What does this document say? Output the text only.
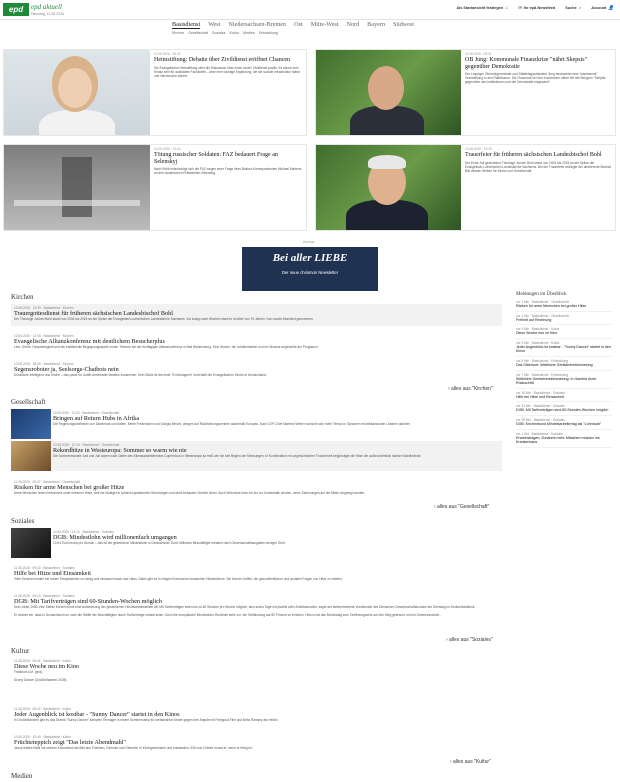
epd	epd aktuell
Dienstag, 11.08.2026
Als Startansicht festlegen ⌂ ✉ Ihr epd-Newsfeed	Suche ⌕	Account 👤
Basisdienst West Niedersachsen-Bremen Ost Mitte-West Nord Bayern Südwest
Kirchen Gesellschaft Soziales Kultur Medien Entwicklung
11.08.2026 · 05:42
Heimstiftung: Debatte über Zivildienst eröffnet Chancen
Die Evangelische Heimstiftung sieht die Diskussion über einen neuen Zivildienst positiv. Es könne kein Ersatz sein für ausbildete Fachkräfte – aber eine wichtige Ergänzung, die die soziale Infrastruktur stärkt und Nachwuchs sichert.
11.08.2026 · 09:31
OB Jung: Kommunale Finanzkrise "nährt Skepsis" gegenüber Demokratie
Der Leipziger Oberbürgermeister und Städtetagspräsident Jung beobachtet eine "wachsende" Verzweiflung in den Rathäusern. Die Finanznot bei den Kommunen nähre bei den Bürgern "Skepsis gegenüber den Institutionen und der Demokratie insgesamt".
10.08.2026 · 19:41
Tötung russischer Soldaten: FAZ bedauert Frage an Selenskyj
Nach Kritik entschuldigt sich die FAZ wegen einer Frage ihres Balkan-Korrespondenten Michael Martens an den ukrainischen Präsidenten Selenskyj.
10.08.2026 · 13:39
Trauerfeier für früheren sächsischen Landesbischof Bohl
Der Ende Juli gestorbene Theologe Jochen Bohl stand von 2004 bis 2015 an der Spitze der Evangelisch-Lutherischen Landeskirche Sachsens. Bei der Trauerfeier würdigte der amtierende Bischof Bilz dessen Wirken für Kirche und Gesellschaft.
Anzeige
Bei aller LIEBE
Der neue chrismon Newsletter
Kirchen
10.08.2026 · 13:39 · Basisdienst · Kirchen
Trauergottesdienst für früheren sächsischen Landesbischof Bohl
Der Theologe Jochen Bohl stand von 2004 bis 2015 an der Spitze der Evangelisch-Lutherischen Landeskirche Sachsens. Vor knapp zwei Wochen starb er im Alter von 76 Jahren. Nun wurde Abschied genommen.
10.08.2026 · 12:08 · Basisdienst · Kirchen
Evangelische Allianzkonferenz mit deutlichem Besucherplus
Lied, Gebet, Gesprächigkeit und die traditionelle Begegnungsstadt: immer Themen bei der fünftägigen Allianzkonferenz in Bad Blankenburg. Eine Woche, die Jubiläumsfeier und ein Musical angesichts der Programm.
10.08.2026 · 08:55 · Basisdienst · Kirchen
Segensroboter ja, Seelsorge-Chatbots nein
Künstliche Intelligenz und Kirche – das passt für Judith Armbruster bestens zusammen. Kein Stück ist die erste "KI-Managerin" innerhalb der Evangelischen Kirche in Deutschland.
› alles aus "Kirchen"
Gesellschaft
10.08.2026 · 11:30 · Basisdienst · Gesellschaft
Bringen auf Return Hubs in Afrika
Die Regierungschefinnen von Dänemark und Italien, Mette Frederiksen und Giorgia Meloni, dringen auf Rückführungszentren außerhalb Europas. Auch CVP-Chef Manfred Weber wünscht sich mehr Tempo in Sprachen mit afrikanischen Ländern darüber.
10.08.2026 · 10:16 · Basisdienst · Gesellschaft
Rekordhitze in Westeuropa: Sommer so warm wie nie
Die Sommermonate Juni und Juli waren nach Daten des Klimawandeldienstes Copernicus in Westeuropa so heiß wie nie seit Beginn der Messungen. In Kombination mit ungewöhnlicher Trockenheit begünstigte die Hitze die außerordentlich starken Waldbrände.
11.08.2026 · 09:47 · Basisdienst · Gesellschaft
Risiken für arme Menschen bei großer Hitze
Arme Menschen leiden besonders unter extremer Hitze, weil sie häufiger in schlecht gedämmten Wohnungen und dicht bebauten Vierteln leben. Auch Wohnlose kann für sie zur Kostenfalle werden, wenn Sanierungen auf die Miete umgelegt werden.
› alles aus "Gesellschaft"
Soziales
10.08.2026 · 13:14 · Basisdienst · Soziales
DGB: Mindestlohn wird millionenfach umgangen
13,94 Euro brutto pro Stunde – das ist der gesetzliche Mindestlohn in Deutschland. Doch Millionen Beschäftigte erhalten nach Gewerkschaftsangaben weniger Geld.
11.08.2026 · 09:22 · Basisdienst · Soziales
Hilfe bei Hitze und Einsamkeit
Viele Senioren leiden bei hohen Temperaturen zu wenig und verlassen kaum das Haus. Dabei gibt es in einigen Kommunen inzwischen Hitzetelefone. Sie können helfen, die gesundheitlichen und sozialen Folgen von Hitze zu mildern.
11.08.2026 · 09:19 · Basisdienst · Soziales
DGB: Mit Tarifverträgen sind 60-Stunden-Wochen möglich
Kein Jurist, DGB-Vize Stefan Körzell erinnt eine Aufweichung der gesetzlichen Höchstarbeitszeiten ab. Mit Tarifverträgen seien bis zu 60 Stunden pro Woche möglich, also sechs Tage mit jeweils zehn Arbeitsstunden, sagte der stellvertretende Vorsitzende des Deutschen Gewerkschaftsbundes am Dienstag im Deutschlandfunk.

Er räumte ein, dass in Deutschland nur noch die Hälfte der Beschäftigten durch Tarifverträge erfasst seien. Doch die europäische Mindestlohn-Richtlinie sehe vor, die Tarifbindung auf 80 Prozent zu erhöhen. Hierzu hat das Bundestag zum Tariftreuegesetz auf den Weg gebracht, mit ein Gesetzesschaft...
› alles aus "Soziales"
Kultur
11.08.2026 · 06:44 · Basisdienst · Kultur
Diese Woche neu im Kino
Frankfurt a.M. (epd).

Sunny Dancer (Großbritannien 2026)
11.08.2026 · 06:42 · Basisdienst · Kultur
Jeder Augenblick ist kostbar - "Sunny Dancer" startet in den Kinos
In Großbritannien gibt es das Drama "Sunny Dancer" kämpfen Teenager in einem Sommercamp für krebskranke Kinder gegen ihre Ängste mit Feelgood-Film und Bella Ramsey als Heldin.
10.08.2026 · 15:49 · Basisdienst · Kultur
Früchteteppich zeigt "Das letzte Abendmahl"
Jesus letztes Mahl vor seinem Kreuzestod als Bild aus Früchten, Gemüse und Getreide: In Kirchgemeinden und entstanden, 430 mal 4 Meter musst er, wenn er fertig ist.
› alles aus "Kultur"
Medien
Meldungen im Überblick
vor 1 Min · Basisdienst · Gesellschaft
Risiken für arme Menschen bei großer Hitze
vor 1 Min · Basisdienst · Gesellschaft
Freiheit auf Rechnung
vor 4 Min · Basisdienst · Kultur
Diese Woche neu im Kino
vor 4 Min · Basisdienst · Kultur
Jeder Augenblick ist kostbar - "Sunny Dancer" startet in den Kinos
vor 5 Min · Basisdienst · Entwicklung
Das Stichwort: Weibliche Genitalverstümmelung
vor 7 Min · Basisdienst · Entwicklung
Weibliche Genitalverstümmelung: In Gambia droht Rückschritt
vor 18 Min · Basisdienst · Soziales
Hilfe bei Hitze und Einsamkeit
vor 34 Min · Basisdienst · Soziales
DGB: Mit Tarifverträgen sind 60-Stunden-Wochen möglich
vor 39 Min · Basisdienst · Soziales
DGB: Kirchenbund Mindestarbeitertag als "Lohnraub"
vor 1 Std · Basisdienst · Soziales
Erwerbstragen: Zunahmt mehr Mädchen müssen ins Krankenhaus
